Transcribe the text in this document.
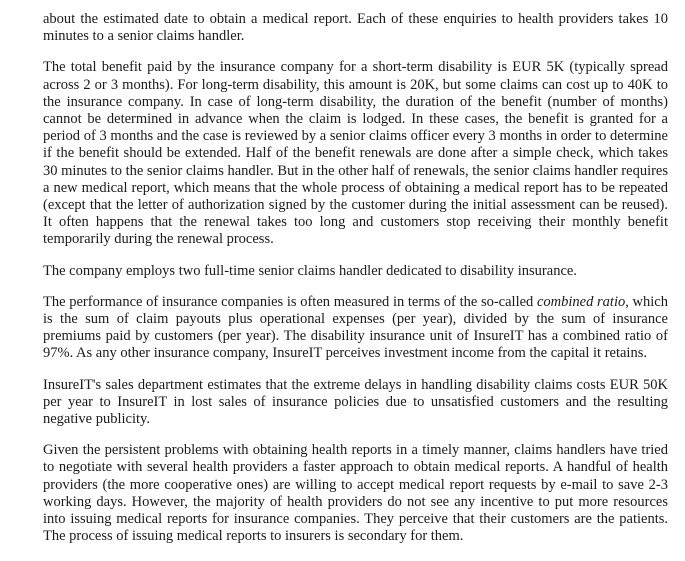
about the estimated date to obtain a medical report. Each of these enquiries to health providers takes 10 minutes to a senior claims handler.

The total benefit paid by the insurance company for a short-term disability is EUR 5K (typically spread across 2 or 3 months). For long-term disability, this amount is 20K, but some claims can cost up to 40K to the insurance company. In case of long-term disability, the duration of the benefit (number of months) cannot be determined in advance when the claim is lodged. In these cases, the benefit is granted for a period of 3 months and the case is reviewed by a senior claims officer every 3 months in order to determine if the benefit should be extended. Half of the benefit renewals are done after a simple check, which takes 30 minutes to the senior claims handler. But in the other half of renewals, the senior claims handler requires a new medical report, which means that the whole process of obtaining a medical report has to be repeated (except that the letter of authorization signed by the customer during the initial assessment can be reused). It often happens that the renewal takes too long and customers stop receiving their monthly benefit temporarily during the renewal process.

The company employs two full-time senior claims handler dedicated to disability insurance.

The performance of insurance companies is often measured in terms of the so-called combined ratio, which is the sum of claim payouts plus operational expenses (per year), divided by the sum of insurance premiums paid by customers (per year). The disability insurance unit of InsureIT has a combined ratio of 97%. As any other insurance company, InsureIT perceives investment income from the capital it retains.

InsureIT's sales department estimates that the extreme delays in handling disability claims costs EUR 50K per year to InsureIT in lost sales of insurance policies due to unsatisfied customers and the resulting negative publicity.

Given the persistent problems with obtaining health reports in a timely manner, claims handlers have tried to negotiate with several health providers a faster approach to obtain medical reports. A handful of health providers (the more cooperative ones) are willing to accept medical report requests by e-mail to save 2-3 working days. However, the majority of health providers do not see any incentive to put more resources into issuing medical reports for insurance companies. They perceive that their customers are the patients. The process of issuing medical reports to insurers is secondary for them.
